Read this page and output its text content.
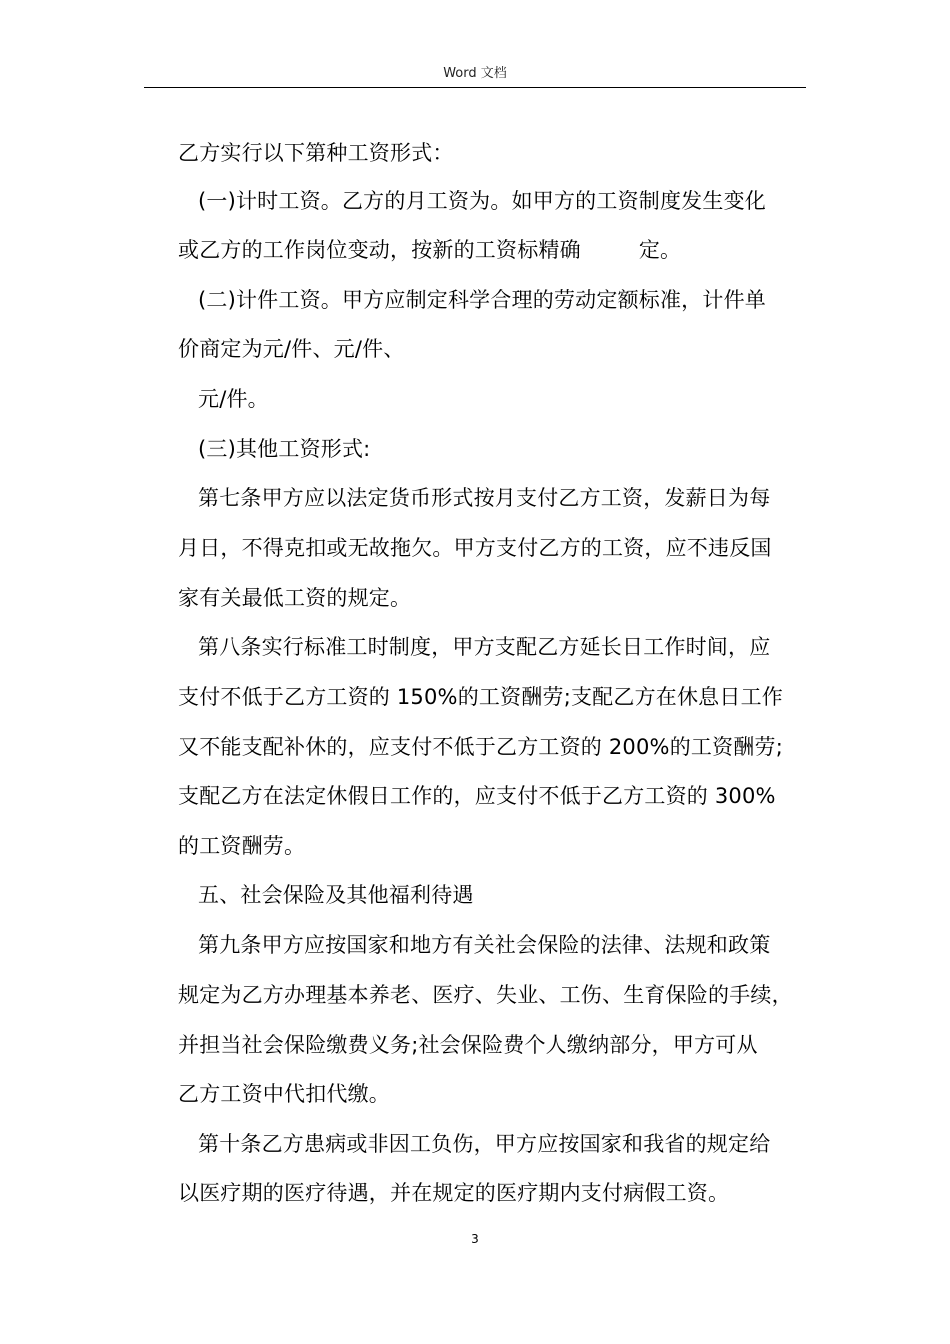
Word 文档
乙方实行以下第种工资形式：
(一)计时工资。乙方的月工资为。如甲方的工资制度发生变化
或乙方的工作岗位变动，按新的工资标精确	定。
(二)计件工资。甲方应制定科学合理的劳动定额标准，计件单
价商定为元/件、元/件、
元/件。
(三)其他工资形式:
第七条甲方应以法定货币形式按月支付乙方工资，发薪日为每
月日，不得克扣或无故拖欠。甲方支付乙方的工资，应不违反国
家有关最低工资的规定。
第八条实行标准工时制度，甲方支配乙方延长日工作时间，应
支付不低于乙方工资的 150%的工资酬劳;支配乙方在休息日工作
又不能支配补休的，应支付不低于乙方工资的 200%的工资酬劳;
支配乙方在法定休假日工作的，应支付不低于乙方工资的 300%
的工资酬劳。
五、社会保险及其他福利待遇
第九条甲方应按国家和地方有关社会保险的法律、法规和政策
规定为乙方办理基本养老、医疗、失业、工伤、生育保险的手续，
并担当社会保险缴费义务;社会保险费个人缴纳部分，甲方可从
乙方工资中代扣代缴。
第十条乙方患病或非因工负伤，甲方应按国家和我省的规定给
以医疗期的医疗待遇，并在规定的医疗期内支付病假工资。
3
